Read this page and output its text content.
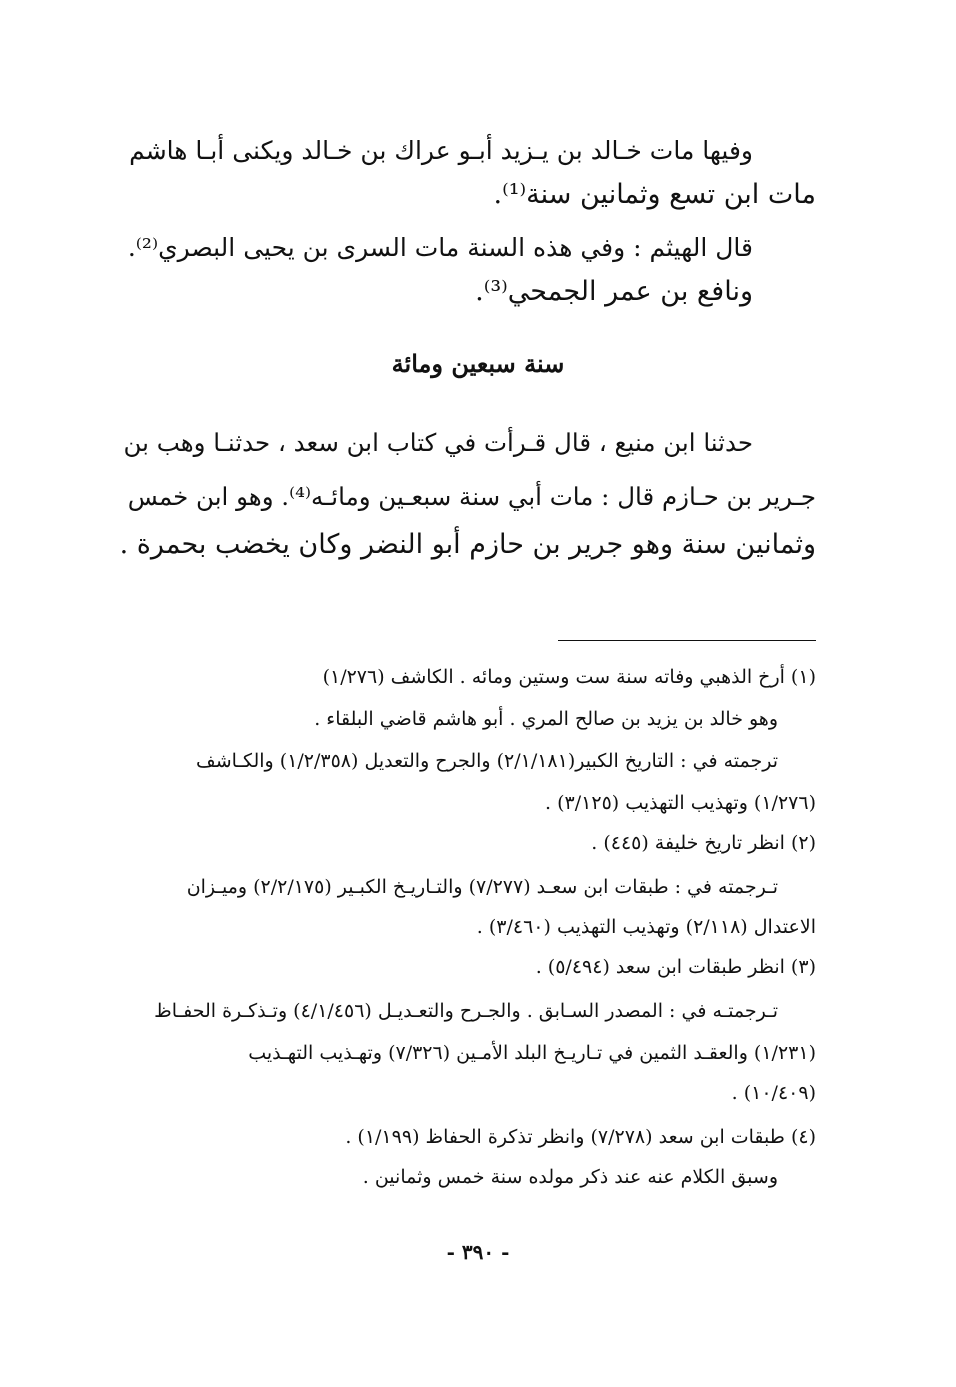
وفيها مات خـالد بن يـزيد أبـو عراك بن خـالد ويكنى أبـا هاشم
مات ابن تسع وثمانين سنة⁽¹⁾.
قال الهيثم : وفي هذه السنة مات السرى بن يحيى البصري⁽²⁾.
ونافع بن عمر الجمحي⁽³⁾.
سنة سبعين ومائة
حدثنا ابن منيع ، قال قـرأت في كتاب ابن سعد ، حدثنـا وهب بن
جـرير بن حـازم قال : مات أبي سنة سبعـين ومائـه⁽⁴⁾. وهو ابن خمس
وثمانين سنة وهو جرير بن حازم أبو النضر وكان يخضب بحمرة .
(١) أرخ الذهبي وفاته سنة ست وستين ومائه . الكاشف (١/٢٧٦)
وهو خالد بن يزيد بن صالح المري . أبو هاشم قاضي البلقاء .
ترجمته في : التاريخ الكبير(٢/١/١٨١) والجرح والتعديل (١/٢/٣٥٨) والكـاشف
(١/٢٧٦) وتهذيب التهذيب (٣/١٢٥) .
(٢) انظر تاريخ خليفة (٤٤٥) .
تـرجمته في : طبقات ابن سعـد (٧/٢٧٧) والتـاريـخ الكبـير (٢/٢/١٧٥) وميـزان
الاعتدال (٢/١١٨) وتهذيب التهذيب (٣/٤٦٠) .
(٣) انظر طبقات ابن سعد (٥/٤٩٤) .
تـرجمتـه في : المصدر السـابق . والجـرح والتعـديـل (٤/١/٤٥٦) وتـذكـرة الحفـاظ
(١/٢٣١) والعقـد الثمين في تـاريـخ البلد الأمـين (٧/٣٢٦) وتهـذيب التهـذيب
(١٠/٤٠٩) .
(٤) طبقات ابن سعد (٧/٢٧٨) وانظر تذكرة الحفاظ (١/١٩٩) .
وسبق الكلام عنه عند ذكر مولده سنة خمس وثمانين .
- ٣٩٠ -
